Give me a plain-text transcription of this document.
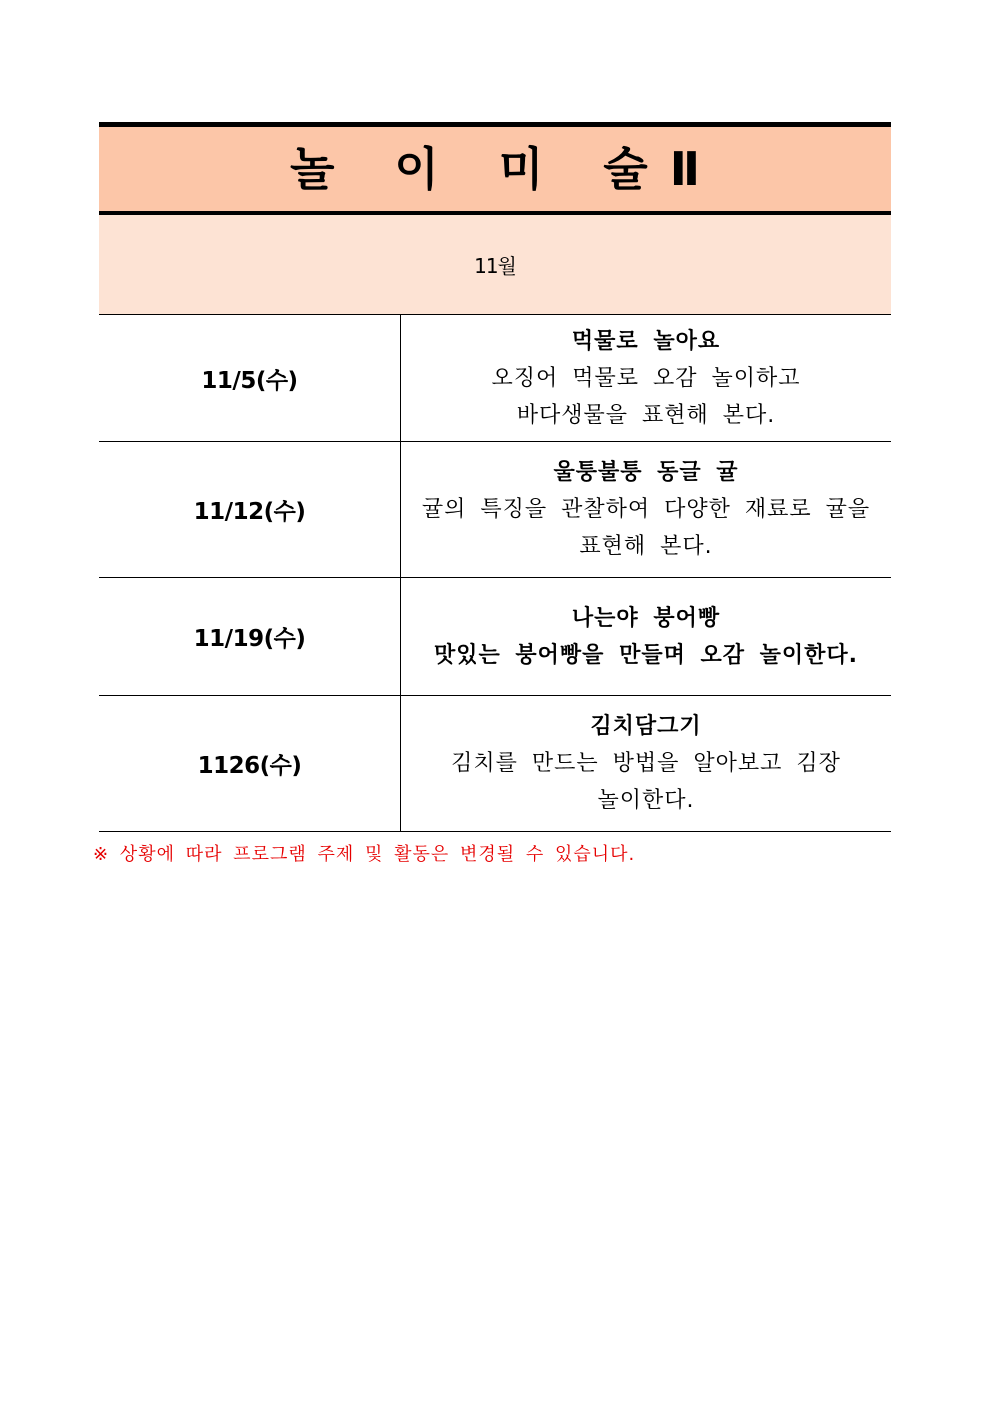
놀 이 미 술Ⅱ
11월
11/5(수)
먹물로 놀아요
오징어 먹물로 오감 놀이하고
바다생물을 표현해 본다.
11/12(수)
울퉁불퉁 동글 귤
귤의 특징을 관찰하여 다양한 재료로 귤을
표현해 본다.
11/19(수)
나는야 붕어빵
맛있는 붕어빵을 만들며 오감 놀이한다.
1126(수)
김치담그기
김치를 만드는 방법을 알아보고 김장
놀이한다.
※ 상황에 따라 프로그램 주제 및 활동은 변경될 수 있습니다.
